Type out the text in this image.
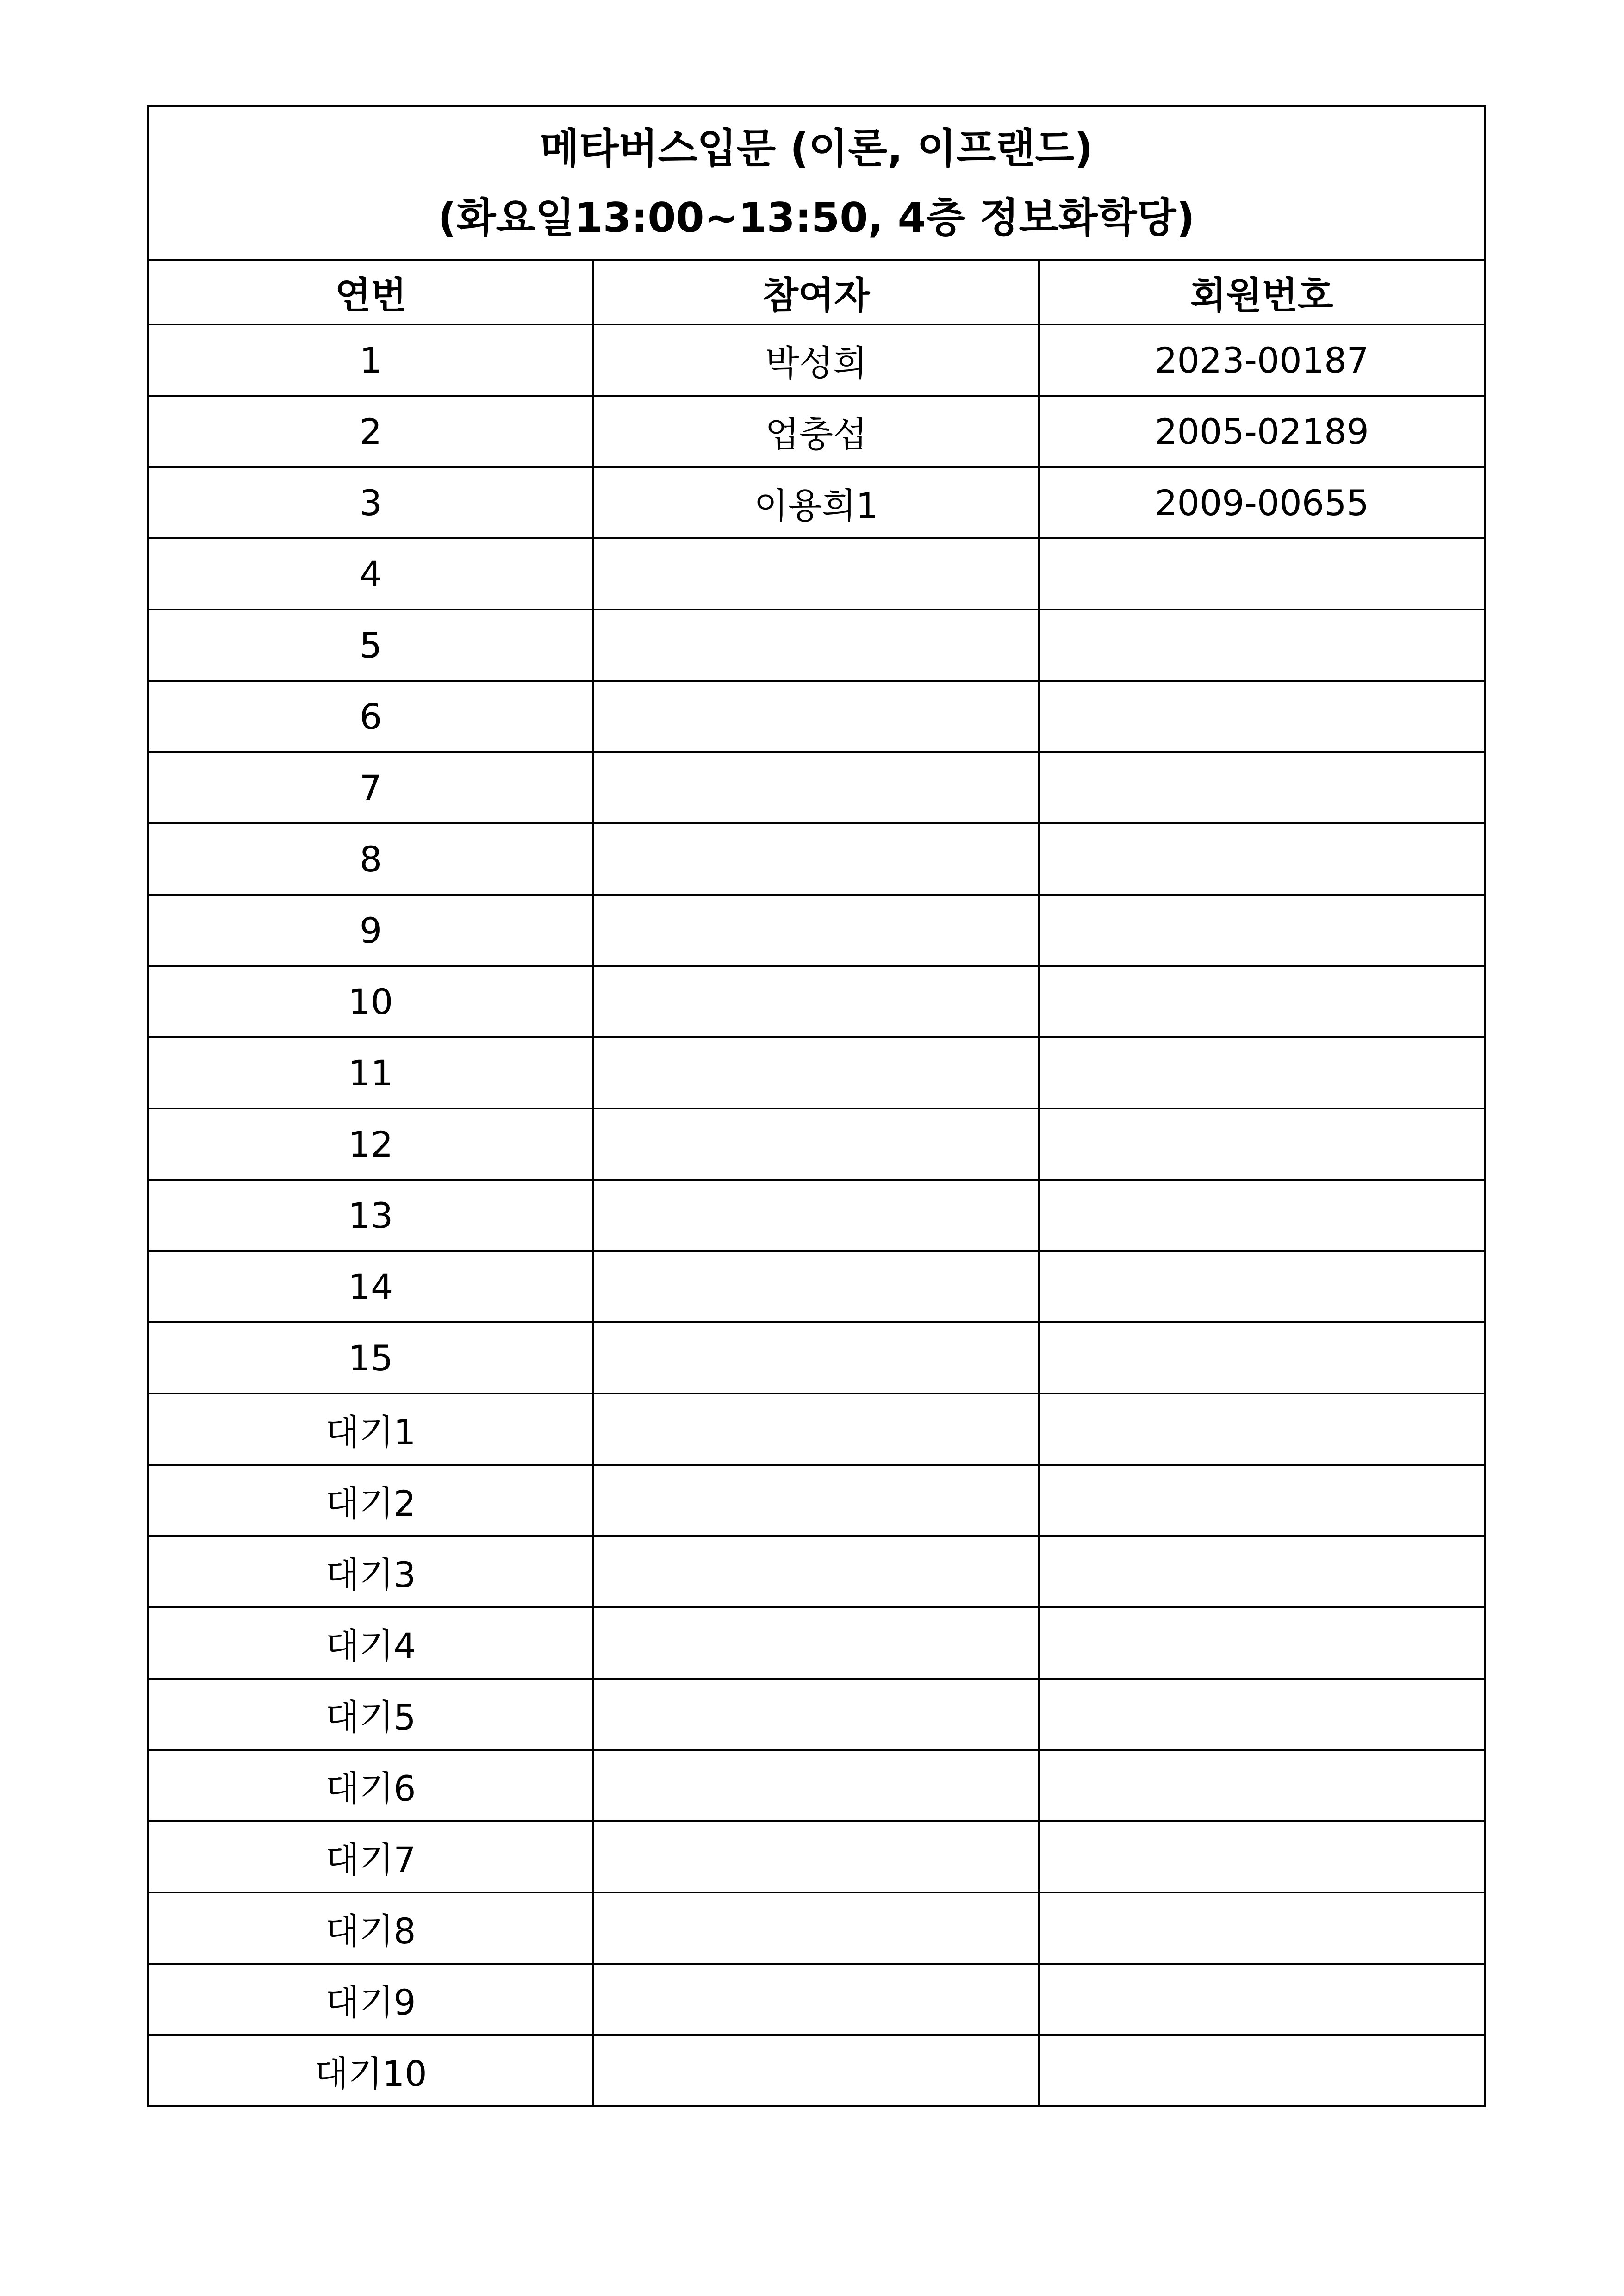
메타버스입문 (이론, 이프랜드)
(화요일13:00~13:50, 4층 정보화학당)		

연번	참여자	회원번호
1	박성희	2023-00187
2	업충섭	2005-02189
3	이용희1	2009-00655
4		
5		
6		
7		
8		
9		
10		
11		
12		
13		
14		
15		
대기1		
대기2		
대기3		
대기4		
대기5		
대기6		
대기7		
대기8		
대기9		
대기10		
